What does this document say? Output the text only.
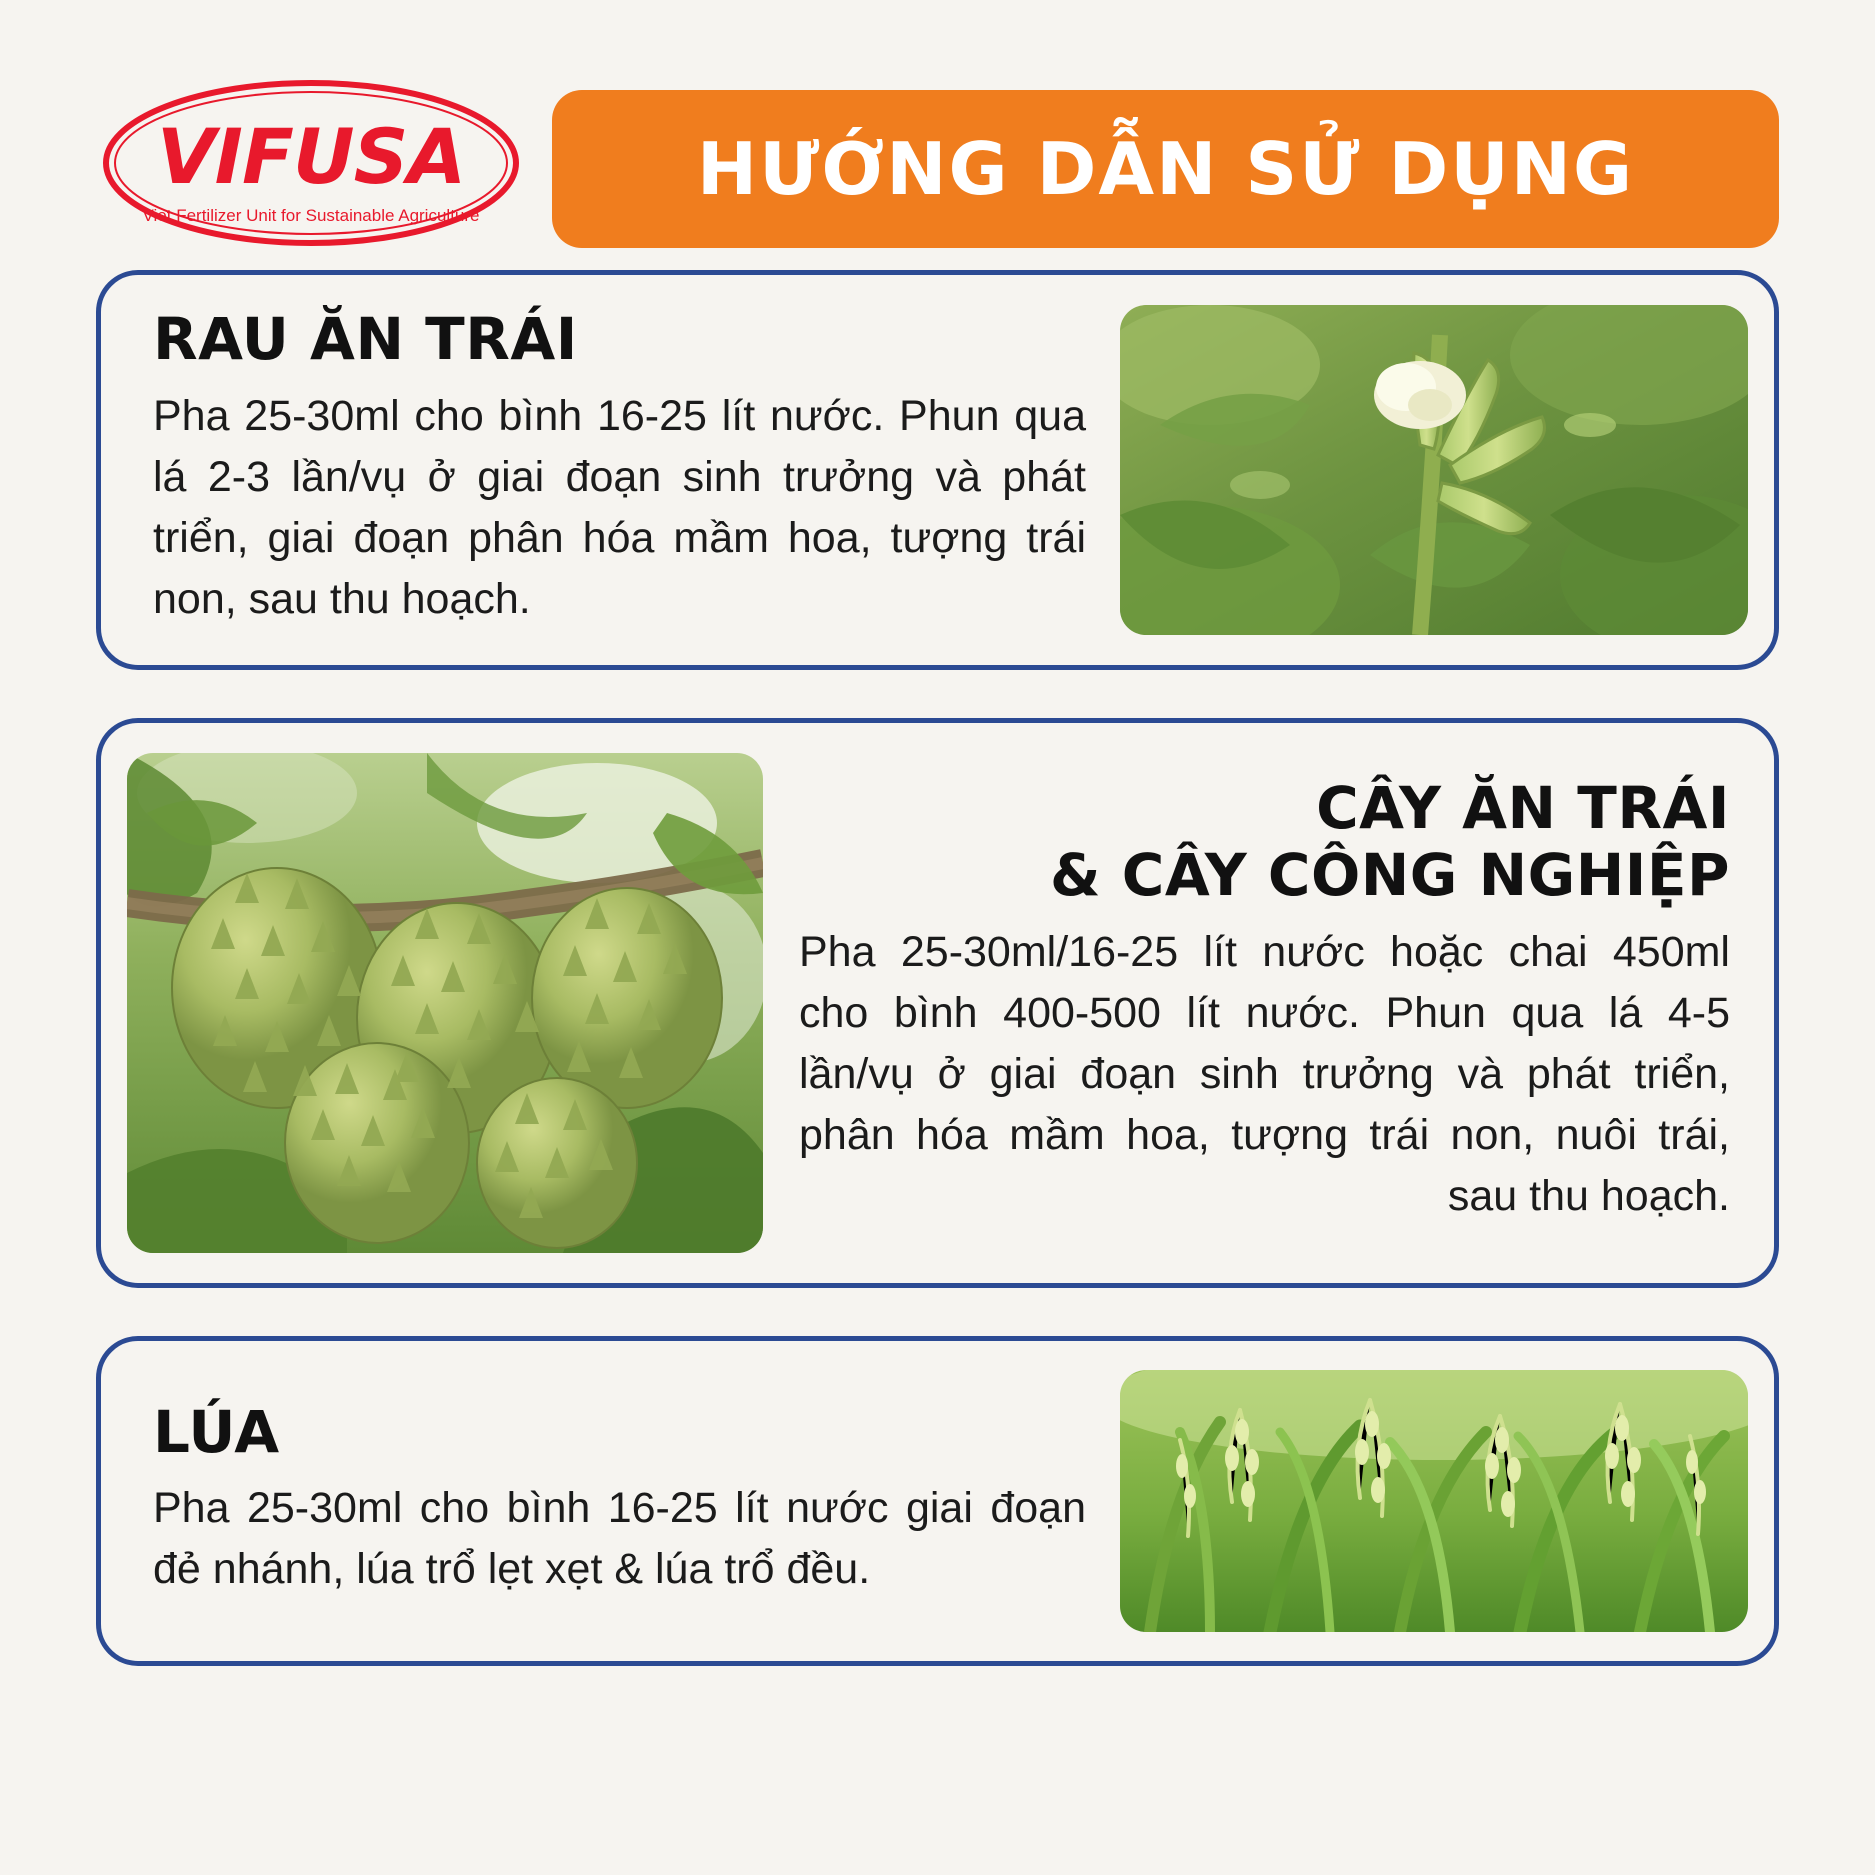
VIFUSA
Viet Fertilizer Unit for Sustainable Agriculture
HƯỚNG DẪN SỬ DỤNG
RAU ĂN TRÁI
Pha 25-30ml cho bình 16-25 lít nước. Phun qua lá 2-3 lần/vụ ở giai đoạn sinh trưởng và phát triển, giai đoạn phân hóa mầm hoa, tượng trái non, sau thu hoạch.
CÂY ĂN TRÁI
& CÂY CÔNG NGHIỆP
Pha 25-30ml/16-25 lít nước hoặc chai 450ml cho bình 400-500 lít nước. Phun qua lá 4-5 lần/vụ ở giai đoạn sinh trưởng và phát triển, phân hóa mầm hoa, tượng trái non, nuôi trái, sau thu hoạch.
LÚA
Pha 25-30ml cho bình 16-25 lít nước giai đoạn đẻ nhánh, lúa trổ lẹt xẹt & lúa trổ đều.
